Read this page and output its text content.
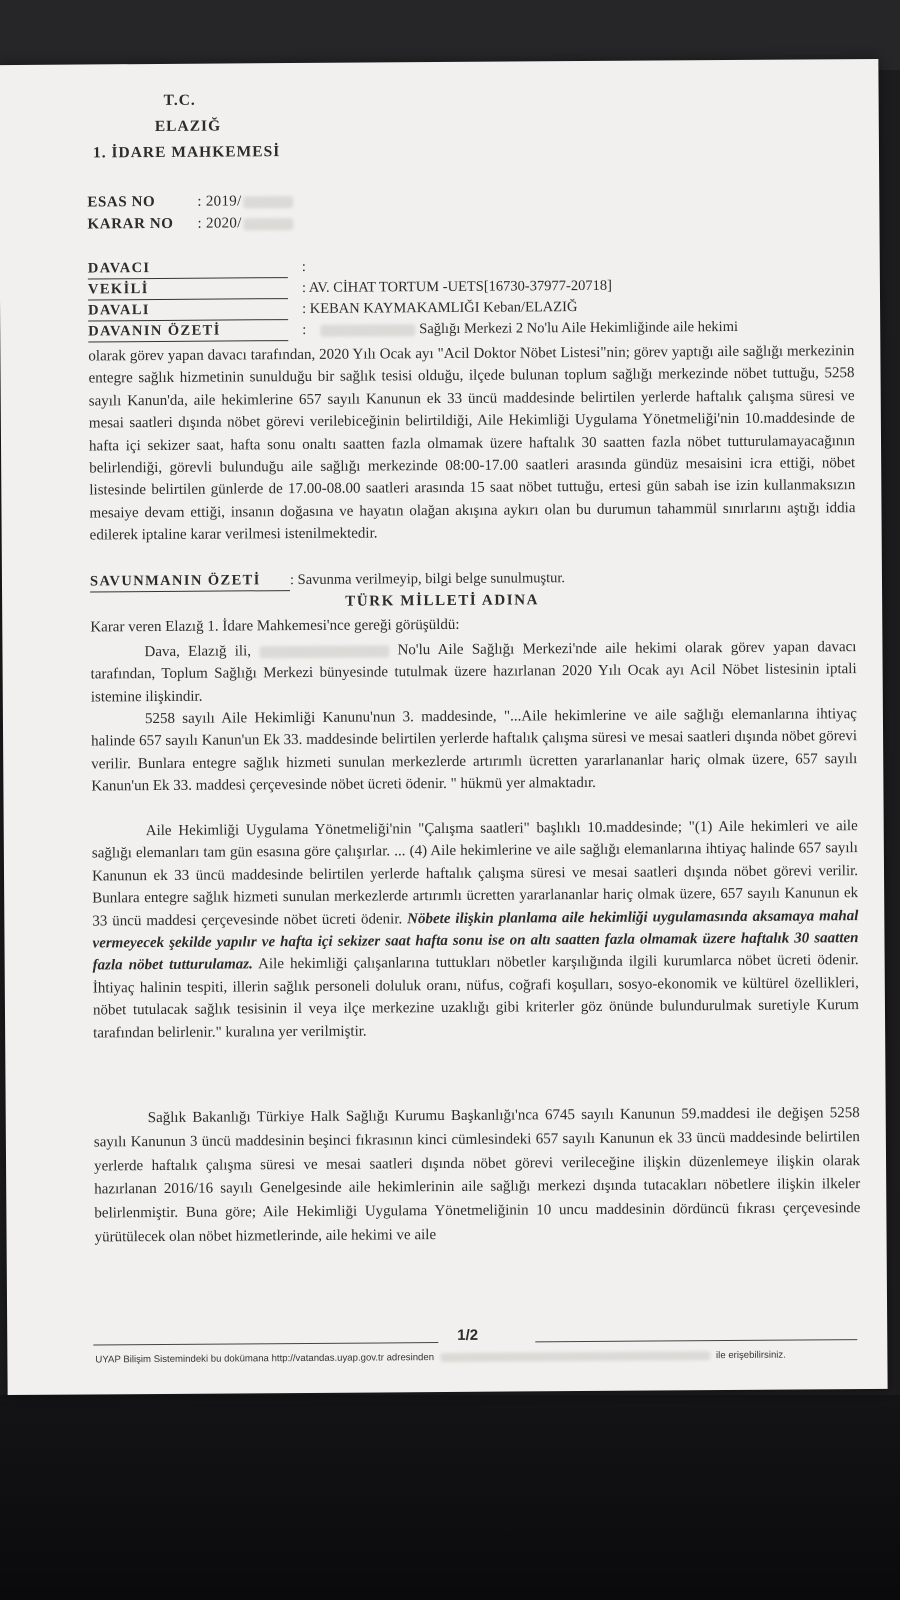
T.C.
ELAZIĞ
1. İDARE MAHKEMESİ
ESAS NO	: 2019/
KARAR NO : 2020/
DAVACI	:
VEKİLİ	: AV. CİHAT TORTUM -UETS[16730-37977-20718]
DAVALI	: KEBAN KAYMAKAMLIĞI Keban/ELAZIĞ
DAVANIN ÖZETİ	:	Sağlığı Merkezi 2 No'lu Aile Hekimliğinde aile hekimi

olarak görev yapan davacı tarafından, 2020 Yılı Ocak ayı "Acil Doktor Nöbet Listesi"nin; görev yaptığı aile sağlığı merkezinin entegre sağlık hizmetinin sunulduğu bir sağlık tesisi olduğu, ilçede bulunan toplum sağlığı merkezinde nöbet tuttuğu, 5258 sayılı Kanun'da, aile hekimlerine 657 sayılı Kanunun ek 33 üncü maddesinde belirtilen yerlerde haftalık çalışma süresi ve mesai saatleri dışında nöbet görevi verilebiceğinin belirtildiği, Aile Hekimliği Uygulama Yönetmeliği'nin 10.maddesinde de hafta içi sekizer saat, hafta sonu onaltı saatten fazla olmamak üzere haftalık 30 saatten fazla nöbet tutturulamayacağının belirlendiği, görevli bulunduğu aile sağlığı merkezinde 08:00-17.00 saatleri arasında gündüz mesaisini icra ettiği, nöbet listesinde belirtilen günlerde de 17.00-08.00 saatleri arasında 15 saat nöbet tuttuğu, ertesi gün sabah ise izin kullanmaksızın mesaiye devam ettiği, insanın doğasına ve hayatın olağan akışına aykırı olan bu durumun tahammül sınırlarını aştığı iddia edilerek iptaline karar verilmesi istenilmektedir.

SAVUNMANIN ÖZETİ : Savunma verilmeyip, bilgi belge sunulmuştur.
TÜRK MİLLETİ ADINA

Karar veren Elazığ 1. İdare Mahkemesi'nce gereği görüşüldü:

Dava, Elazığ ili,	No'lu Aile Sağlığı Merkezi'nde aile hekimi olarak görev yapan davacı tarafından, Toplum Sağlığı Merkezi bünyesinde tutulmak üzere hazırlanan 2020 Yılı Ocak ayı Acil Nöbet listesinin iptali istemine ilişkindir.

5258 sayılı Aile Hekimliği Kanunu'nun 3. maddesinde, "...Aile hekimlerine ve aile sağlığı elemanlarına ihtiyaç halinde 657 sayılı Kanun'un Ek 33. maddesinde belirtilen yerlerde haftalık çalışma süresi ve mesai saatleri dışında nöbet görevi verilir. Bunlara entegre sağlık hizmeti sunulan merkezlerde artırımlı ücretten yararlananlar hariç olmak üzere, 657 sayılı Kanun'un Ek 33. maddesi çerçevesinde nöbet ücreti ödenir. " hükmü yer almaktadır.

Aile Hekimliği Uygulama Yönetmeliği'nin "Çalışma saatleri" başlıklı 10.maddesinde; "(1) Aile hekimleri ve aile sağlığı elemanları tam gün esasına göre çalışırlar. ... (4) Aile hekimlerine ve aile sağlığı elemanlarına ihtiyaç halinde 657 sayılı Kanunun ek 33 üncü maddesinde belirtilen yerlerde haftalık çalışma süresi ve mesai saatleri dışında nöbet görevi verilir. Bunlara entegre sağlık hizmeti sunulan merkezlerde artırımlı ücretten yararlananlar hariç olmak üzere, 657 sayılı Kanunun ek 33 üncü maddesi çerçevesinde nöbet ücreti ödenir. Nöbete ilişkin planlama aile hekimliği uygulamasında aksamaya mahal vermeyecek şekilde yapılır ve hafta içi sekizer saat hafta sonu ise on altı saatten fazla olmamak üzere haftalık 30 saatten fazla nöbet tutturulamaz. Aile hekimliği çalışanlarına tuttukları nöbetler karşılığında ilgili kurumlarca nöbet ücreti ödenir. İhtiyaç halinin tespiti, illerin sağlık personeli doluluk oranı, nüfus, coğrafi koşulları, sosyo-ekonomik ve kültürel özellikleri, nöbet tutulacak sağlık tesisinin il veya ilçe merkezine uzaklığı gibi kriterler göz önünde bulundurulmak suretiyle Kurum tarafından belirlenir." kuralına yer verilmiştir.

Sağlık Bakanlığı Türkiye Halk Sağlığı Kurumu Başkanlığı'nca 6745 sayılı Kanunun 59.maddesi ile değişen 5258 sayılı Kanunun 3 üncü maddesinin beşinci fıkrasının kinci cümlesindeki 657 sayılı Kanunun ek 33 üncü maddesinde belirtilen yerlerde haftalık çalışma süresi ve mesai saatleri dışında nöbet görevi verileceğine ilişkin düzenlemeye ilişkin olarak hazırlanan 2016/16 sayılı Genelgesinde aile hekimlerinin aile sağlığı merkezi dışında tutacakları nöbetlere ilişkin ilkeler belirlenmiştir. Buna göre; Aile Hekimliği Uygulama Yönetmeliğinin 10 uncu maddesinin dördüncü fıkrası çerçevesinde yürütülecek olan nöbet hizmetlerinde, aile hekimi ve aile

1/2
UYAP Bilişim Sistemindeki bu dokümana http://vatandas.uyap.gov.tr adresinden	ile erişebilirsiniz.
